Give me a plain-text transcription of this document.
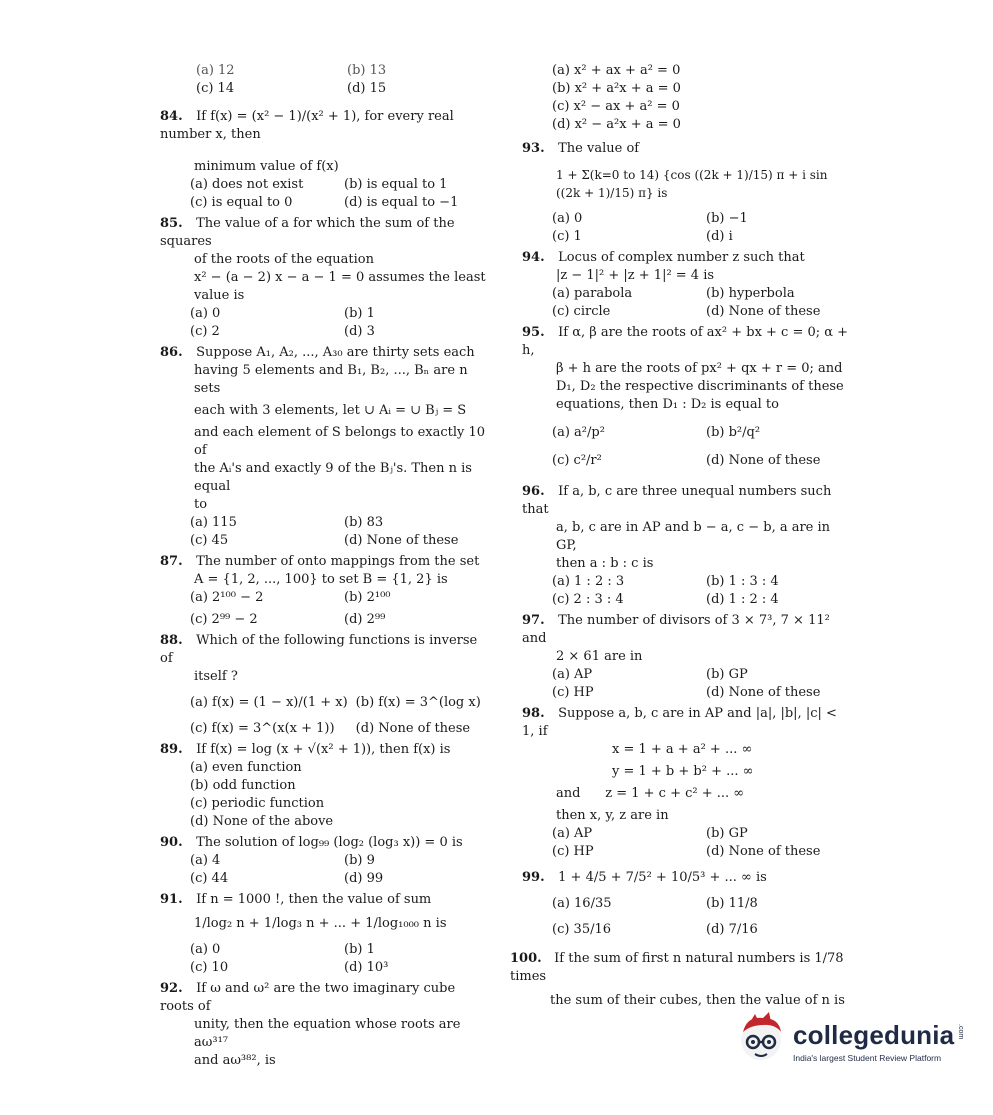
(a) 12	(b) 13
(c) 14	(d) 15
84. If f(x) = (x² − 1)/(x² + 1), for every real number x, then
minimum value of f(x)
(a) does not exist	(b) is equal to 1
(c) is equal to 0	(d) is equal to −1
85. The value of a for which the sum of the squares
of the roots of the equation
x² − (a − 2) x − a − 1 = 0 assumes the least
value is
(a) 0	(b) 1
(c) 2	(d) 3
86. Suppose A₁, A₂, ..., A₃₀ are thirty sets each
having 5 elements and B₁, B₂, ..., Bₙ are n sets
each with 3 elements, let ∪ Aᵢ = ∪ Bⱼ = S
and each element of S belongs to exactly 10 of
the Aᵢ's and exactly 9 of the Bⱼ's. Then n is equal
to
(a) 115	(b) 83
(c) 45	(d) None of these
87. The number of onto mappings from the set
A = {1, 2, ..., 100} to set B = {1, 2} is
(a) 2¹⁰⁰ − 2	(b) 2¹⁰⁰
(c) 2⁹⁹ − 2	(d) 2⁹⁹
88. Which of the following functions is inverse of
itself ?
(a) f(x) = (1 − x)/(1 + x) (b) f(x) = 3^(log x)
(c) f(x) = 3^(x(x + 1))	(d) None of these
89. If f(x) = log (x + √(x² + 1)), then f(x) is
(a) even function
(b) odd function
(c) periodic function
(d) None of the above
90. The solution of log₉₉ (log₂ (log₃ x)) = 0 is
(a) 4	(b) 9
(c) 44	(d) 99
91. If n = 1000 !, then the value of sum
1/log₂ n + 1/log₃ n + ... + 1/log₁₀₀₀ n is
(a) 0	(b) 1
(c) 10	(d) 10³
92. If ω and ω² are the two imaginary cube roots of
unity, then the equation whose roots are aω³¹⁷
and aω³⁸², is
(a) x² + ax + a² = 0
(b) x² + a²x + a = 0
(c) x² − ax + a² = 0
(d) x² − a²x + a = 0
93. The value of
1 + Σ(k=0 to 14) {cos ((2k + 1)/15) π + i sin ((2k + 1)/15) π} is
(a) 0	(b) −1
(c) 1	(d) i
94. Locus of complex number z such that
|z − 1|² + |z + 1|² = 4 is
(a) parabola	(b) hyperbola
(c) circle	(d) None of these
95. If α, β are the roots of ax² + bx + c = 0; α + h,
β + h are the roots of px² + qx + r = 0; and
D₁, D₂ the respective discriminants of these
equations, then D₁ : D₂ is equal to
(a) a²/p²	(b) b²/q²
(c) c²/r²	(d) None of these
96. If a, b, c are three unequal numbers such that
a, b, c are in AP and b − a, c − b, a are in GP,
then a : b : c is
(a) 1 : 2 : 3	(b) 1 : 3 : 4
(c) 2 : 3 : 4	(d) 1 : 2 : 4
97. The number of divisors of 3 × 7³, 7 × 11² and
2 × 61 are in
(a) AP	(b) GP
(c) HP	(d) None of these
98. Suppose a, b, c are in AP and |a|, |b|, |c| < 1, if
x = 1 + a + a² + ... ∞
y = 1 + b + b² + ... ∞
and      z = 1 + c + c² + ... ∞
then x, y, z are in
(a) AP	(b) GP
(c) HP	(d) None of these
99. 1 + 4/5 + 7/5² + 10/5³ + ... ∞ is
(a) 16/35	(b) 11/8
(c) 35/16	(d) 7/16
100. If the sum of first n natural numbers is 1/78 times
the sum of their cubes, then the value of n is
collegedunia .com
India's largest Student Review Platform
